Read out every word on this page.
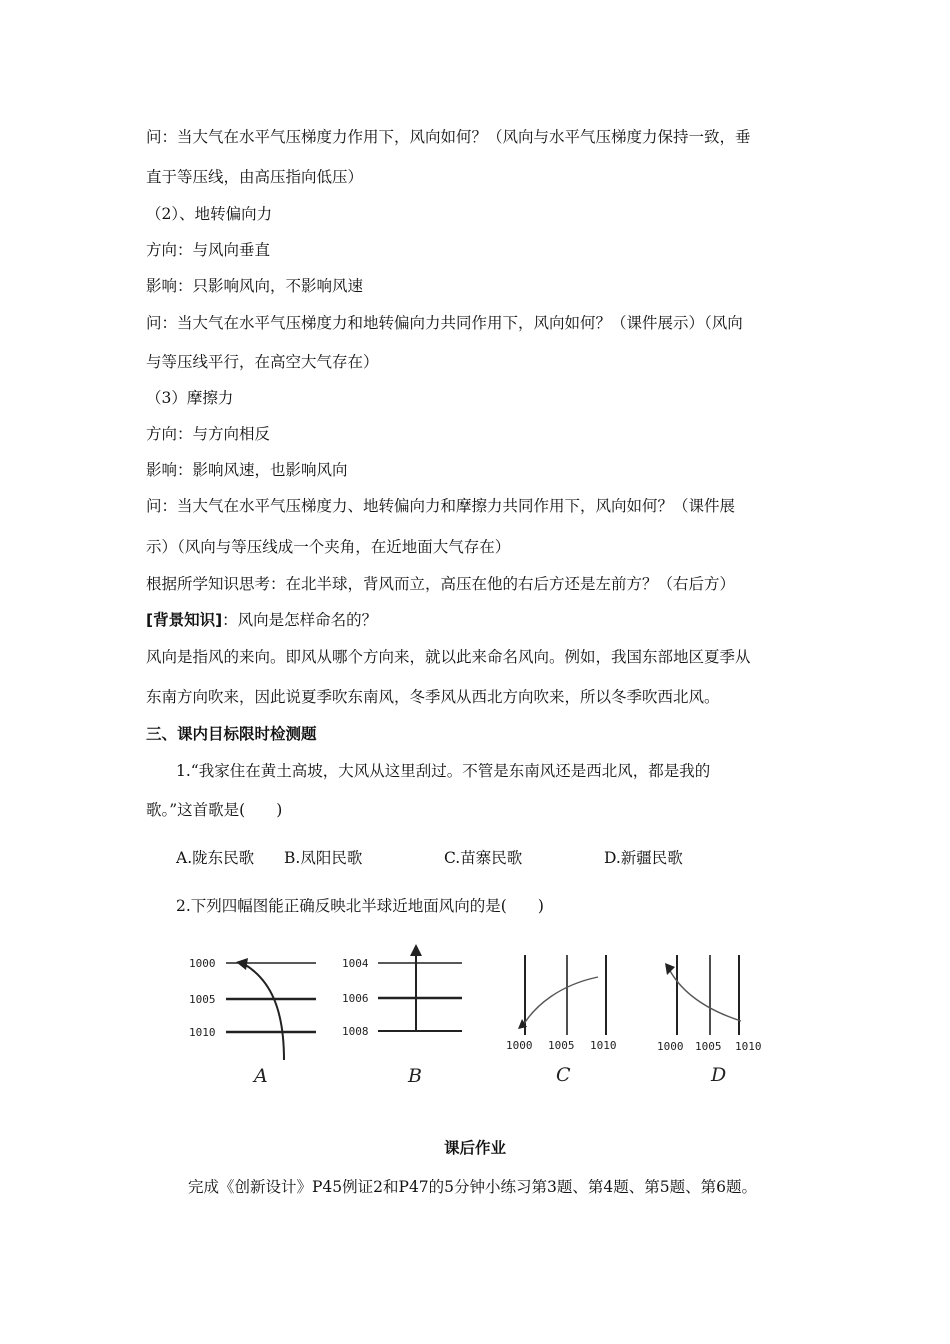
问：当大气在水平气压梯度力作用下，风向如何？（风向与水平气压梯度力保持一致，垂
直于等压线，由高压指向低压）
（2）、地转偏向力
方向：与风向垂直
影响：只影响风向，不影响风速
问：当大气在水平气压梯度力和地转偏向力共同作用下，风向如何？（课件展示）（风向
与等压线平行，在高空大气存在）
（3）摩擦力
方向：与方向相反
影响：影响风速，也影响风向
问：当大气在水平气压梯度力、地转偏向力和摩擦力共同作用下，风向如何？（课件展
示）（风向与等压线成一个夹角，在近地面大气存在）
根据所学知识思考：在北半球，背风而立，高压在他的右后方还是左前方？（右后方）
[背景知识]：风向是怎样命名的？
风向是指风的来向。即风从哪个方向来，就以此来命名风向。例如，我国东部地区夏季从
东南方向吹来，因此说夏季吹东南风，冬季风从西北方向吹来，所以冬季吹西北风。
三、课内目标限时检测题
1.“我家住在黄土高坡，大风从这里刮过。不管是东南风还是西北风，都是我的
歌。”这首歌是(　　)
A.陇东民歌 B.凤阳民歌	C.苗寨民歌	D.新疆民歌
2.下列四幅图能正确反映北半球近地面风向的是(　　)
1000
1005
1010
A
1004
1006
1008
B
1000 1005 1010
C
1000 1005 1010
D
课后作业
完成《创新设计》P45例证2和P47的5分钟小练习第3题、第4题、第5题、第6题。
